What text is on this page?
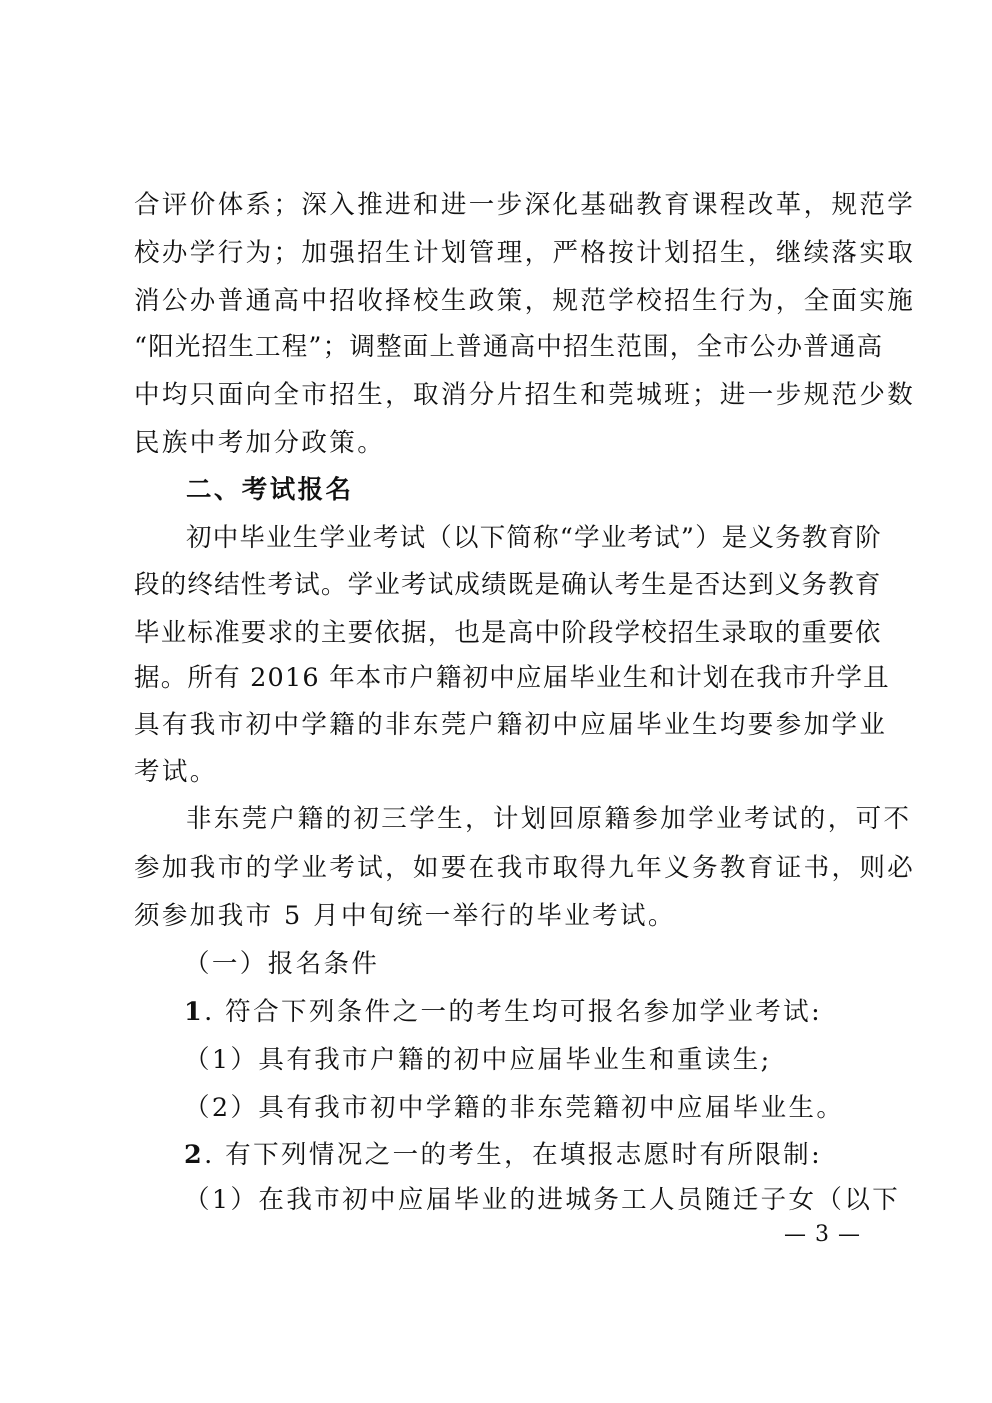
合评价体系；深入推进和进一步深化基础教育课程改革，规范学
校办学行为；加强招生计划管理，严格按计划招生，继续落实取
消公办普通高中招收择校生政策，规范学校招生行为，全面实施
“阳光招生工程”；调整面上普通高中招生范围，全市公办普通高
中均只面向全市招生，取消分片招生和莞城班；进一步规范少数
民族中考加分政策。
二、考试报名
初中毕业生学业考试（以下简称“学业考试”）是义务教育阶
段的终结性考试。学业考试成绩既是确认考生是否达到义务教育
毕业标准要求的主要依据，也是高中阶段学校招生录取的重要依
据。所有 2016 年本市户籍初中应届毕业生和计划在我市升学且
具有我市初中学籍的非东莞户籍初中应届毕业生均要参加学业
考试。
非东莞户籍的初三学生，计划回原籍参加学业考试的，可不
参加我市的学业考试，如要在我市取得九年义务教育证书，则必
须参加我市 5 月中旬统一举行的毕业考试。
（一）报名条件
1. 符合下列条件之一的考生均可报名参加学业考试:
（1）具有我市户籍的初中应届毕业生和重读生;
（2）具有我市初中学籍的非东莞籍初中应届毕业生。
2. 有下列情况之一的考生，在填报志愿时有所限制:
（1）在我市初中应届毕业的进城务工人员随迁子女（以下
— 3 —
